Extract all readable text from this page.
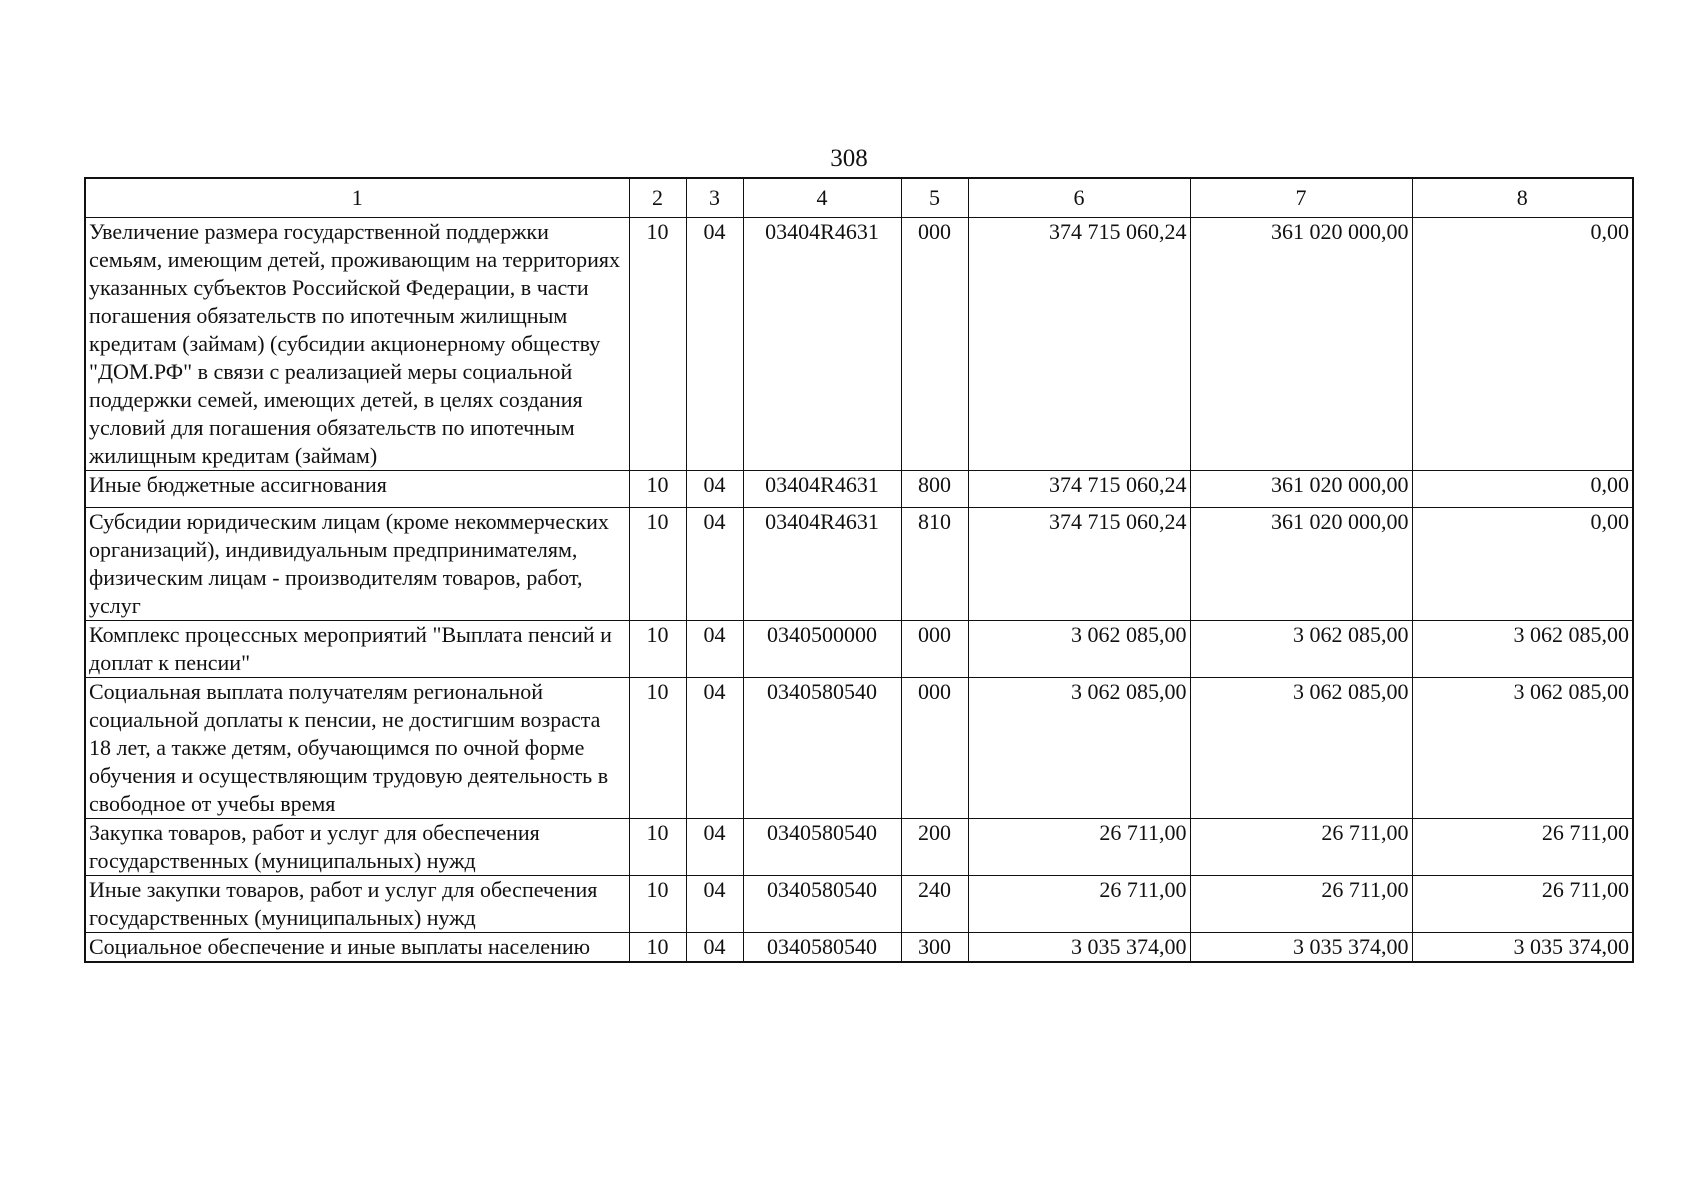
308
1	2	3	4	5	6	7	8
Увеличение размера государственной поддержки семьям, имеющим детей, проживающим на территориях указанных субъектов Российской Федерации, в части погашения обязательств по ипотечным жилищным кредитам (займам) (субсидии акционерному обществу "ДОМ.РФ" в связи с реализацией меры социальной поддержки семей, имеющих детей, в целях создания условий для погашения обязательств по ипотечным жилищным кредитам (займам)	10	04	03404R4631	000	374 715 060,24	361 020 000,00	0,00
Иные бюджетные ассигнования	10	04	03404R4631	800	374 715 060,24	361 020 000,00	0,00
Субсидии юридическим лицам (кроме некоммерческих организаций), индивидуальным предпринимателям, физическим лицам - производителям товаров, работ, услуг	10	04	03404R4631	810	374 715 060,24	361 020 000,00	0,00
Комплекс процессных мероприятий "Выплата пенсий и доплат к пенсии"	10	04	0340500000	000	3 062 085,00	3 062 085,00	3 062 085,00
Социальная выплата получателям региональной социальной доплаты к пенсии, не достигшим возраста 18 лет, а также детям, обучающимся по очной форме обучения и осуществляющим трудовую деятельность в свободное от учебы время	10	04	0340580540	000	3 062 085,00	3 062 085,00	3 062 085,00
Закупка товаров, работ и услуг для обеспечения государственных (муниципальных) нужд	10	04	0340580540	200	26 711,00	26 711,00	26 711,00
Иные закупки товаров, работ и услуг для обеспечения государственных (муниципальных) нужд	10	04	0340580540	240	26 711,00	26 711,00	26 711,00
Социальное обеспечение и иные выплаты населению	10	04	0340580540	300	3 035 374,00	3 035 374,00	3 035 374,00
